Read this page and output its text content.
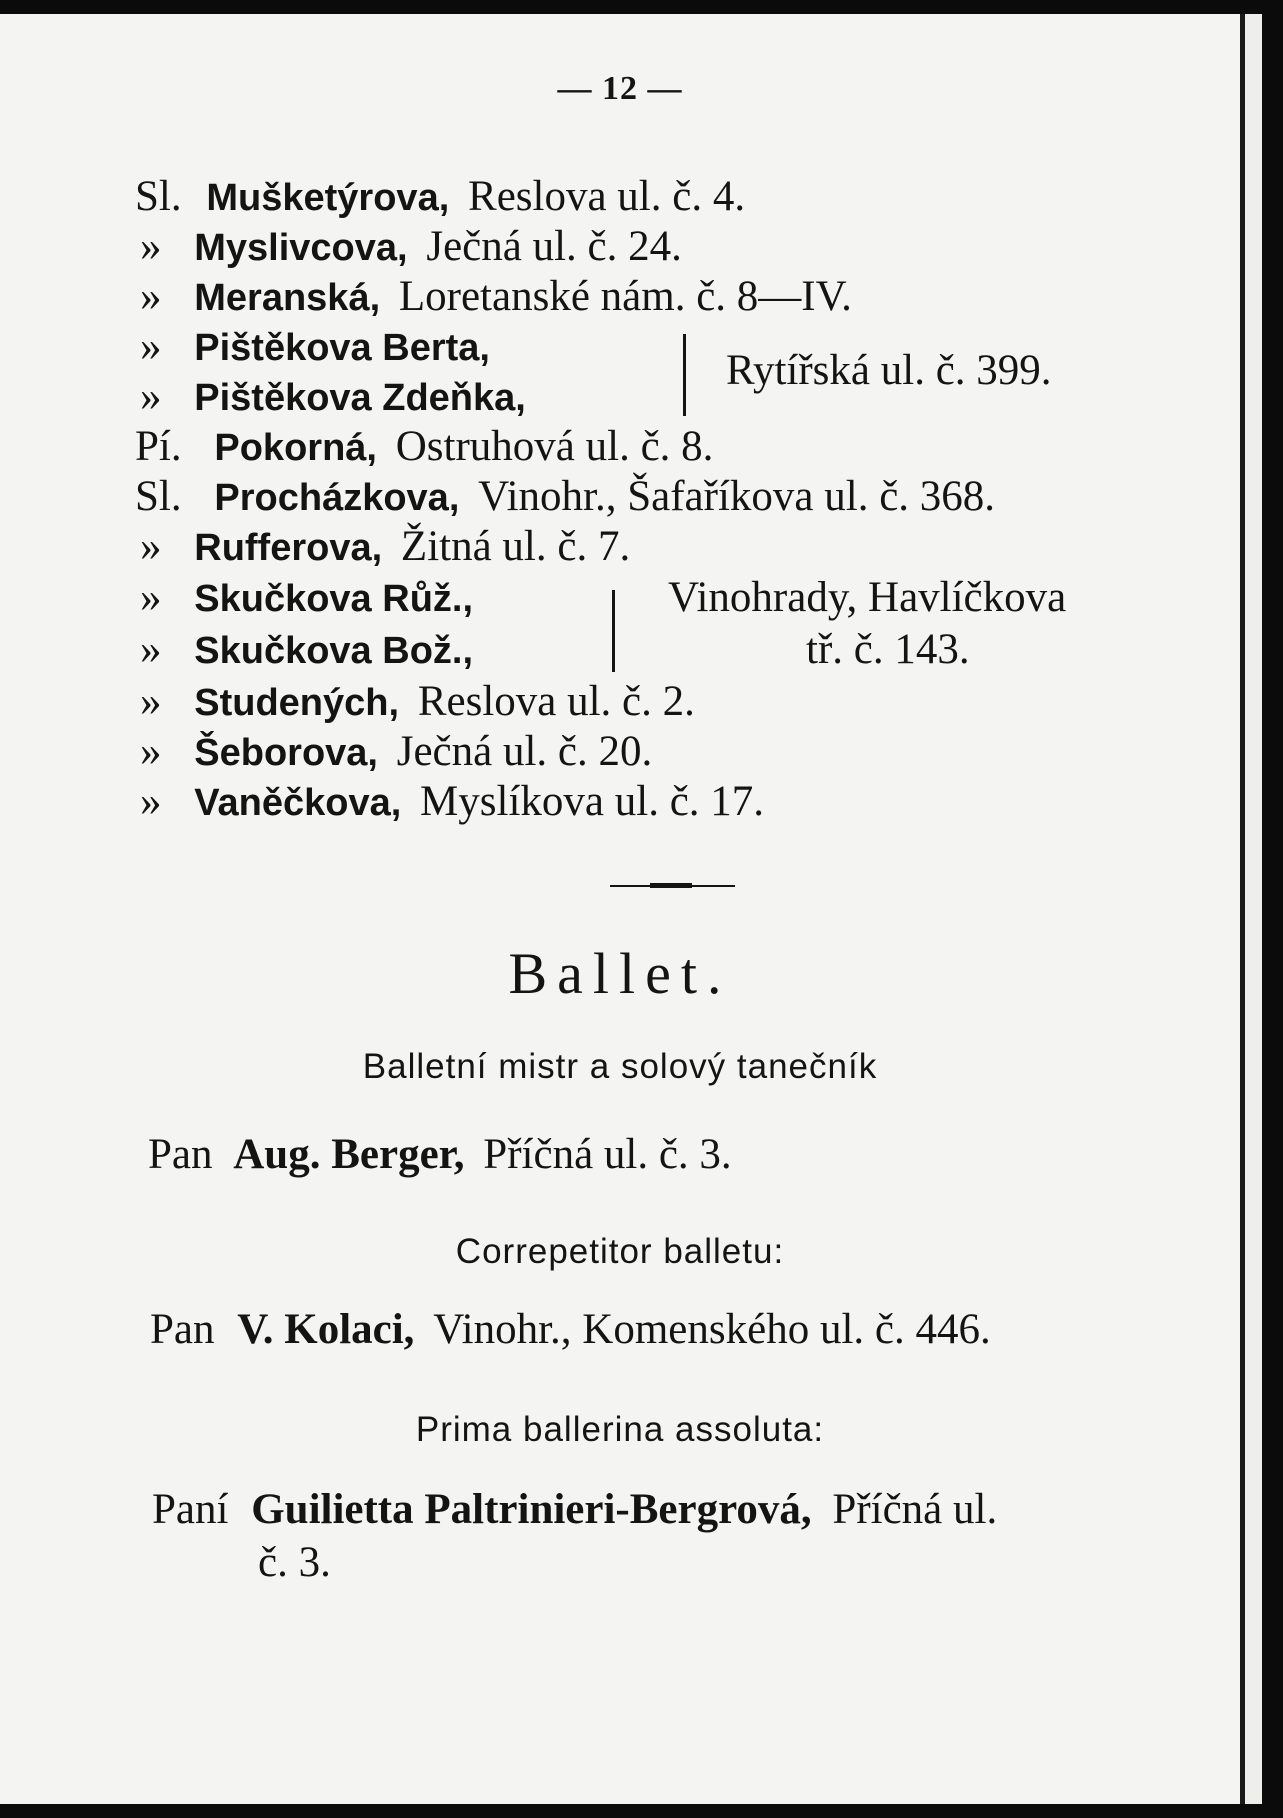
— 12 —
Sl. Mušketýrova, Reslova ul. č. 4.
» Myslivcova, Ječná ul. č. 24.
» Meranská, Loretanské nám. č. 8—IV.
» Pištěkova Berta,
» Pištěkova Zdeňka,
Rytířská ul. č. 399.
Pí. Pokorná, Ostruhová ul. č. 8.
Sl. Procházkova, Vinohr., Šafaříkova ul. č. 368.
» Rufferova, Žitná ul. č. 7.
» Skučkova Růž.,
» Skučkova Bož.,
Vinohrady, Havlíčkova
tř. č. 143.
» Studených, Reslova ul. č. 2.
» Šeborova, Ječná ul. č. 20.
» Vaněčkova, Myslíkova ul. č. 17.
Ballet.
Balletní mistr a solový tanečník
Pan Aug. Berger, Příčná ul. č. 3.
Correpetitor balletu:
Pan V. Kolaci, Vinohr., Komenského ul. č. 446.
Prima ballerina assoluta:
Paní Guilietta Paltrinieri-Bergrová, Příčná ul.
č. 3.
